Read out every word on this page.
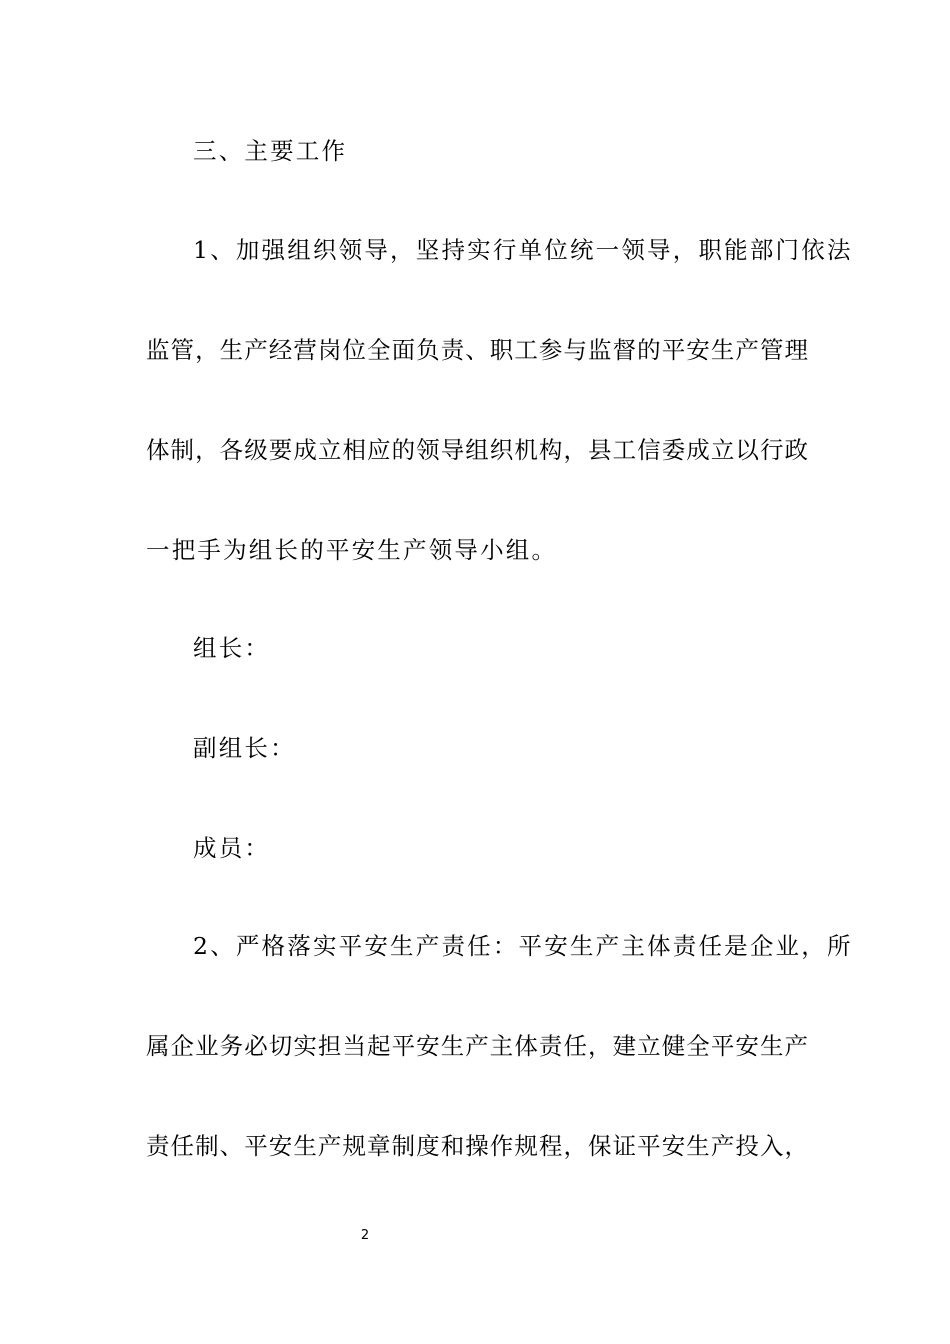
三、主要工作
1、加强组织领导，坚持实行单位统一领导，职能部门依法
监管，生产经营岗位全面负责、职工参与监督的平安生产管理
体制，各级要成立相应的领导组织机构，县工信委成立以行政
一把手为组长的平安生产领导小组。
组长：
副组长：
成员：
2、严格落实平安生产责任：平安生产主体责任是企业，所
属企业务必切实担当起平安生产主体责任，建立健全平安生产
责任制、平安生产规章制度和操作规程，保证平安生产投入，
2
